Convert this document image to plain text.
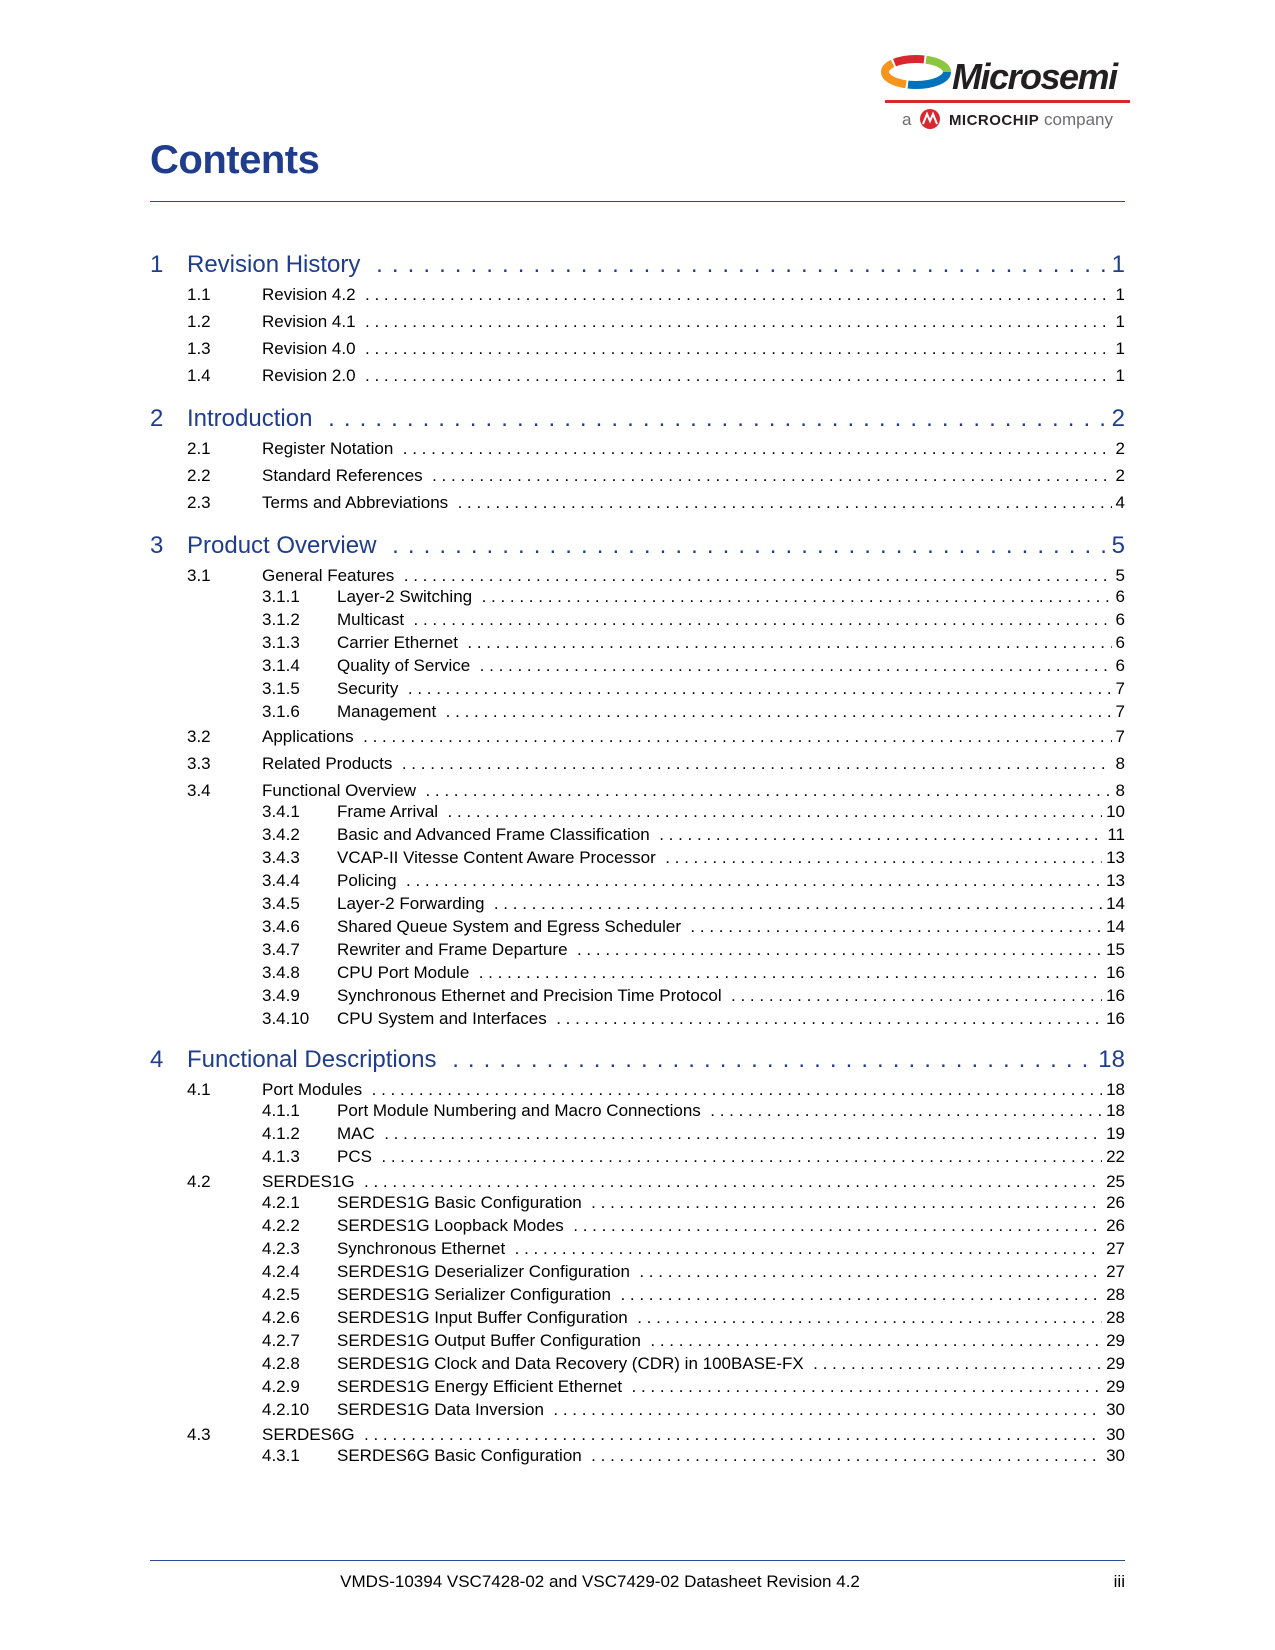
Microsemi
a MICROCHIP company
Contents
1 Revision History . . .	1
1.1	Revision 4.2 . . .	1
1.2	Revision 4.1 . . .	1
1.3	Revision 4.0 . . .	1
1.4	Revision 2.0 . . .	1
2 Introduction . . .	2
2.1	Register Notation . . .	2
2.2	Standard References . . .	2
2.3	Terms and Abbreviations . . .	4
3 Product Overview . . .	5
3.1	General Features . . .	5
3.1.1 Layer-2 Switching . . .	6
3.1.2 Multicast . . .	6
3.1.3 Carrier Ethernet . . .	6
3.1.4 Quality of Service . . .	6
3.1.5 Security . . .	7
3.1.6 Management . . .	7
3.2	Applications . . .	7
3.3	Related Products . . .	8
3.4	Functional Overview . . .	8
3.4.1 Frame Arrival . . .	10
3.4.2 Basic and Advanced Frame Classification . . .	11
3.4.3 VCAP-II Vitesse Content Aware Processor . . .	13
3.4.4 Policing . . .	13
3.4.5 Layer-2 Forwarding . . .	14
3.4.6 Shared Queue System and Egress Scheduler . . .	14
3.4.7 Rewriter and Frame Departure . . .	15
3.4.8 CPU Port Module . . .	16
3.4.9 Synchronous Ethernet and Precision Time Protocol . . .	16
3.4.10 CPU System and Interfaces . . .	16
4 Functional Descriptions . . .	18
4.1	Port Modules . . .	18
4.1.1 Port Module Numbering and Macro Connections . . .	18
4.1.2 MAC . . .	19
4.1.3 PCS . . .	22
4.2	SERDES1G . . .	25
4.2.1 SERDES1G Basic Configuration . . .	26
4.2.2 SERDES1G Loopback Modes . . .	26
4.2.3 Synchronous Ethernet . . .	27
4.2.4 SERDES1G Deserializer Configuration . . .	27
4.2.5 SERDES1G Serializer Configuration . . .	28
4.2.6 SERDES1G Input Buffer Configuration . . .	28
4.2.7 SERDES1G Output Buffer Configuration . . .	29
4.2.8 SERDES1G Clock and Data Recovery (CDR) in 100BASE-FX . . .	29
4.2.9 SERDES1G Energy Efficient Ethernet . . .	29
4.2.10 SERDES1G Data Inversion . . .	30
4.3	SERDES6G . . .	30
4.3.1 SERDES6G Basic Configuration . . .	30
VMDS-10394 VSC7428-02 and VSC7429-02 Datasheet Revision 4.2	iii
